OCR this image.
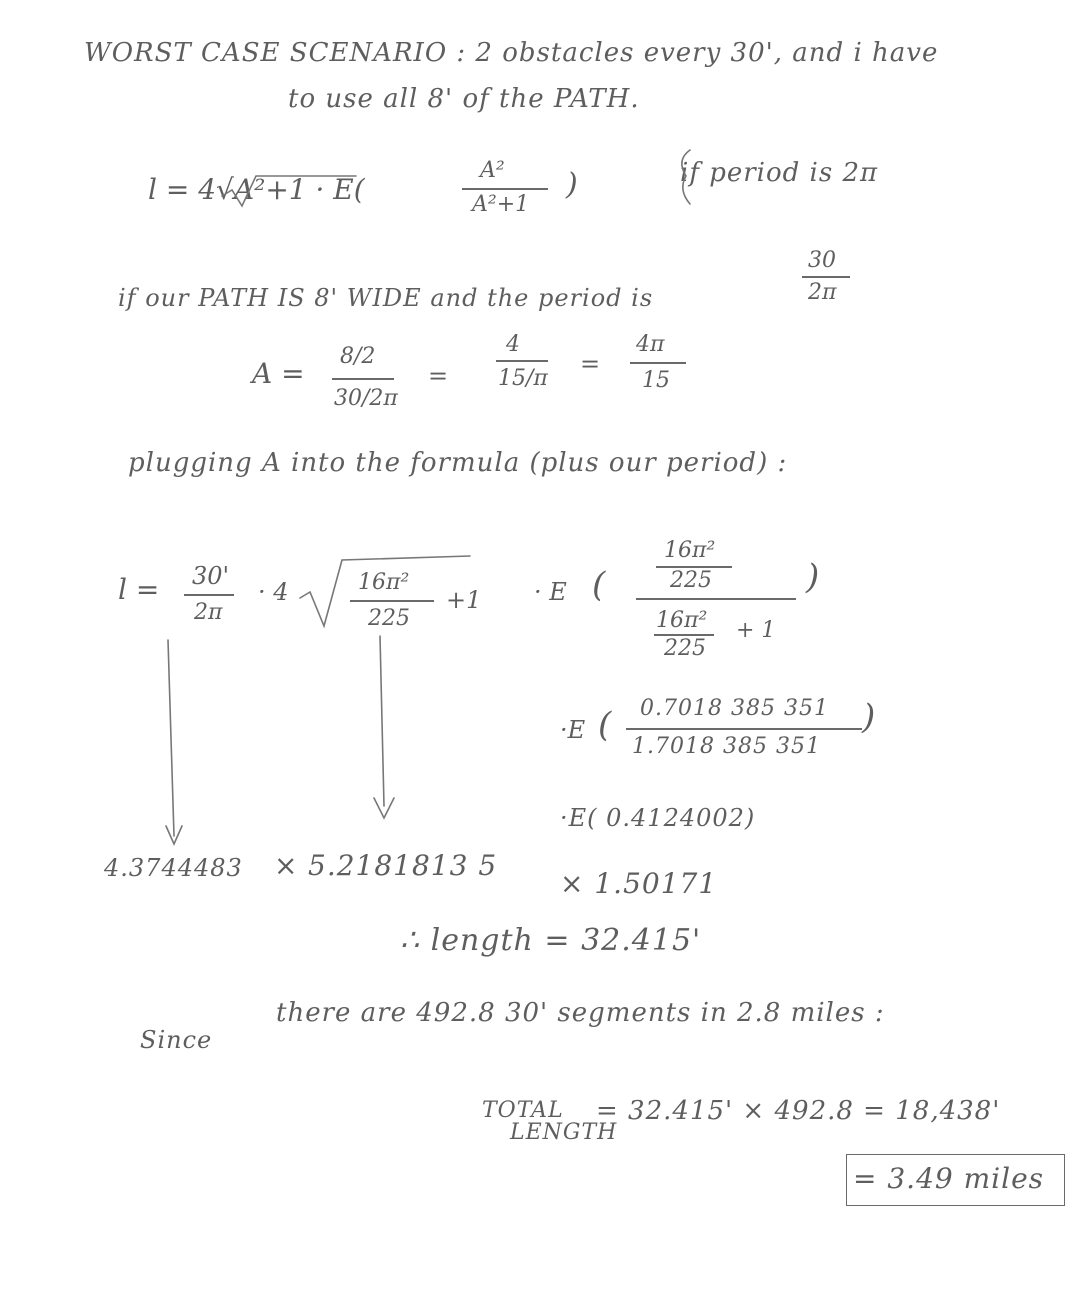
WORST CASE SCENARIO : 2 obstacles every 30', and i have
to use all 8' of the PATH.
l = 4√A²+1 · E(
A²
A²+1
)	if period is 2π
if our PATH IS 8' WIDE and the period is
30
2π
A =
8/2
30/2π
=
4
15/π
=
4π
15
plugging A into the formula (plus our period) :
l = 30'
2π
· 4	16π²
225
+1 · E (
16π²
225
16π²
225
+ 1
)
·E ( 0.7018 385 351
1.7018 385 351
)
·E( 0.4124002)
4.3744483 × 5.2181813 5
× 1.50171
∴ length = 32.415'
Since
there are 492.8 30' segments in 2.8 miles :
TOTAL
LENGTH
= 32.415' × 492.8 = 18,438'
= 3.49 miles
